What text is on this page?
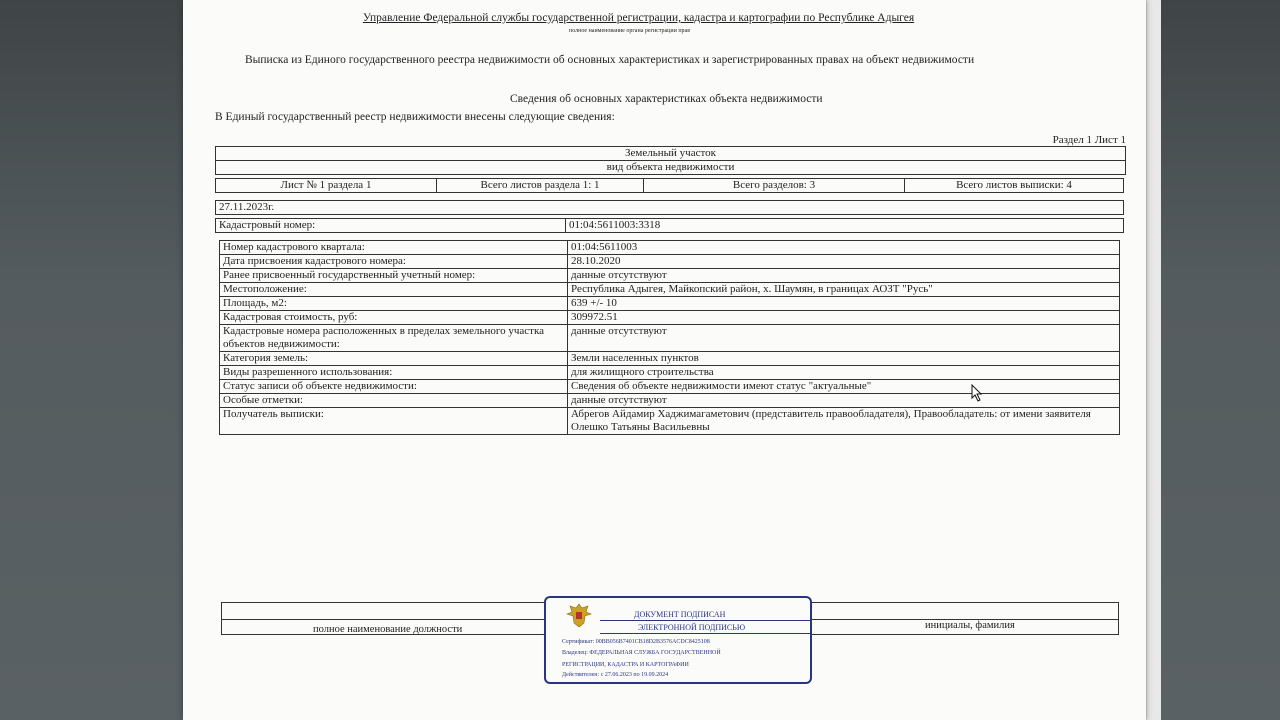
Управление Федеральной службы государственной регистрации, кадастра и картографии по Республике Адыгея
полное наименование органа регистрации прав
Выписка из Единого государственного реестра недвижимости об основных характеристиках и зарегистрированных правах на объект недвижимости
Сведения об основных характеристиках объекта недвижимости
В Единый государственный реестр недвижимости внесены следующие сведения:
Раздел 1 Лист 1
Земельный участок
вид объекта недвижимости
Лист № 1 раздела 1	Всего листов раздела 1: 1	Всего разделов: 3	Всего листов выписки: 4
27.11.2023г.
Кадастровый номер:	01:04:5611003:3318
Номер кадастрового квартала:	01:04:5611003
Дата присвоения кадастрового номера:	28.10.2020
Ранее присвоенный государственный учетный номер:	данные отсутствуют
Местоположение:	Республика Адыгея, Майкопский район, х. Шаумян, в границах АОЗТ "Русь"
Площадь, м2:	639 +/- 10
Кадастровая стоимость, руб:	309972.51
Кадастровые номера расположенных в пределах земельного участка объектов недвижимости:	данные отсутствуют
Категория земель:	Земли населенных пунктов
Виды разрешенного использования:	для жилищного строительства
Статус записи об объекте недвижимости:	Сведения об объекте недвижимости имеют статус "актуальные"
Особые отметки:	данные отсутствуют
Получатель выписки:	Абрегов Айдамир Хаджимагаметович (представитель правообладателя), Правообладатель: от имени заявителя Олешко Татьяны Васильевны
полное наименование должности	инициалы, фамилия
ДОКУМЕНТ ПОДПИСАН
ЭЛЕКТРОННОЙ ПОДПИСЬЮ
Сертификат: 00BB056B7401CB18D2B3576ACDC8425108
Владелец: ФЕДЕРАЛЬНАЯ СЛУЖБА ГОСУДАРСТВЕННОЙ
РЕГИСТРАЦИИ, КАДАСТРА И КАРТОГРАФИИ
Действителен: с 27.06.2023 по 19.09.2024
